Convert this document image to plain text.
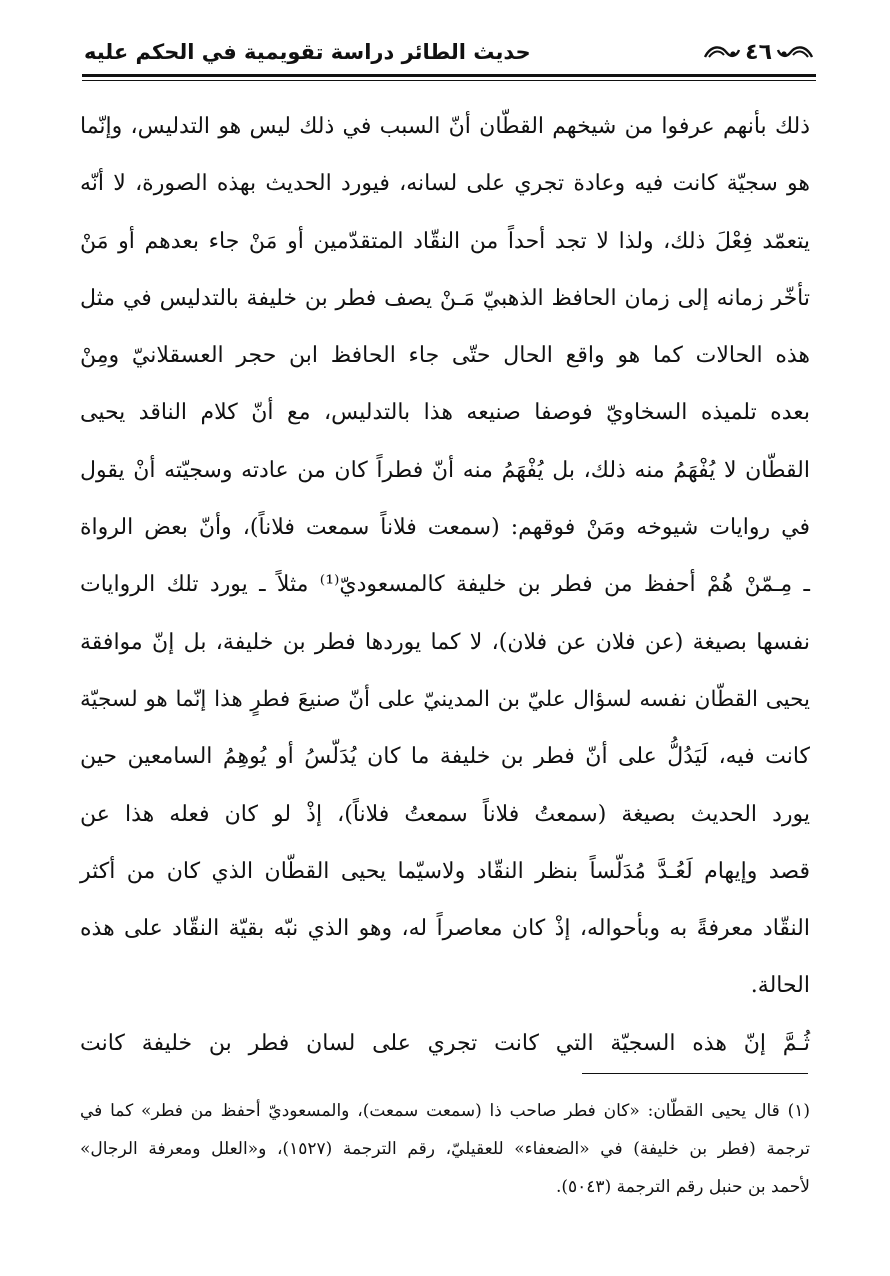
حديث الطائر دراسة تقويمية في الحكم عليه	٤٦
ذلك بأنهم عرفوا من شيخهم القطّان أنّ السبب في ذلك ليس هو التدليس، وإنّما
هو سجيّة كانت فيه وعادة تجري على لسانه، فيورد الحديث بهذه الصورة، لا أنّه
يتعمّد فِعْلَ ذلك، ولذا لا تجد أحداً من النقّاد المتقدّمين أو مَنْ جاء بعدهم أو مَنْ
تأخّر زمانه إلى زمان الحافظ الذهبيّ مَـنْ يصف فطر بن خليفة بالتدليس في مثل
هذه الحالات كما هو واقع الحال حتّى جاء الحافظ ابن حجر العسقلانيّ ومِنْ
بعده تلميذه السخاويّ فوصفا صنيعه هذا بالتدليس، مع أنّ كلام الناقد يحيى
القطّان لا يُفْهَمُ منه ذلك، بل يُفْهَمُ منه أنّ فطراً كان من عادته وسجيّته أنْ يقول
في روايات شيوخه ومَنْ فوقهم: (سمعت فلاناً سمعت فلاناً)، وأنّ بعض الرواة
ـ مِـمّنْ هُمْ أحفظ من فطر بن خليفة كالمسعوديّ⁽¹⁾ مثلاً ـ يورد تلك الروايات
نفسها بصيغة (عن فلان عن فلان)، لا كما يوردها فطر بن خليفة، بل إنّ موافقة
يحيى القطّان نفسه لسؤال عليّ بن المدينيّ على أنّ صنيعَ فطرٍ هذا إنّما هو لسجيّة
كانت فيه، لَيَدُلُّ على أنّ فطر بن خليفة ما كان يُدَلّسُ أو يُوهِمُ السامعين حين
يورد الحديث بصيغة (سمعتُ فلاناً سمعتُ فلاناً)، إذْ لو كان فعله هذا عن
قصد وإيهام لَعُـدَّ مُدَلّساً بنظر النقّاد ولاسيّما يحيى القطّان الذي كان من أكثر
النقّاد معرفةً به وبأحواله، إذْ كان معاصراً له، وهو الذي نبّه بقيّة النقّاد على هذه
الحالة.
ثُـمَّ إنّ هذه السجيّة التي كانت تجري على لسان فطر بن خليفة كانت
(١) قال يحيى القطّان: «كان فطر صاحب ذا (سمعت سمعت)، والمسعوديّ أحفظ من فطر» كما في
ترجمة (فطر بن خليفة) في «الضعفاء» للعقيليّ، رقم الترجمة (١٥٢٧)، و«العلل ومعرفة الرجال»
لأحمد بن حنبل رقم الترجمة (٥٠٤٣).
